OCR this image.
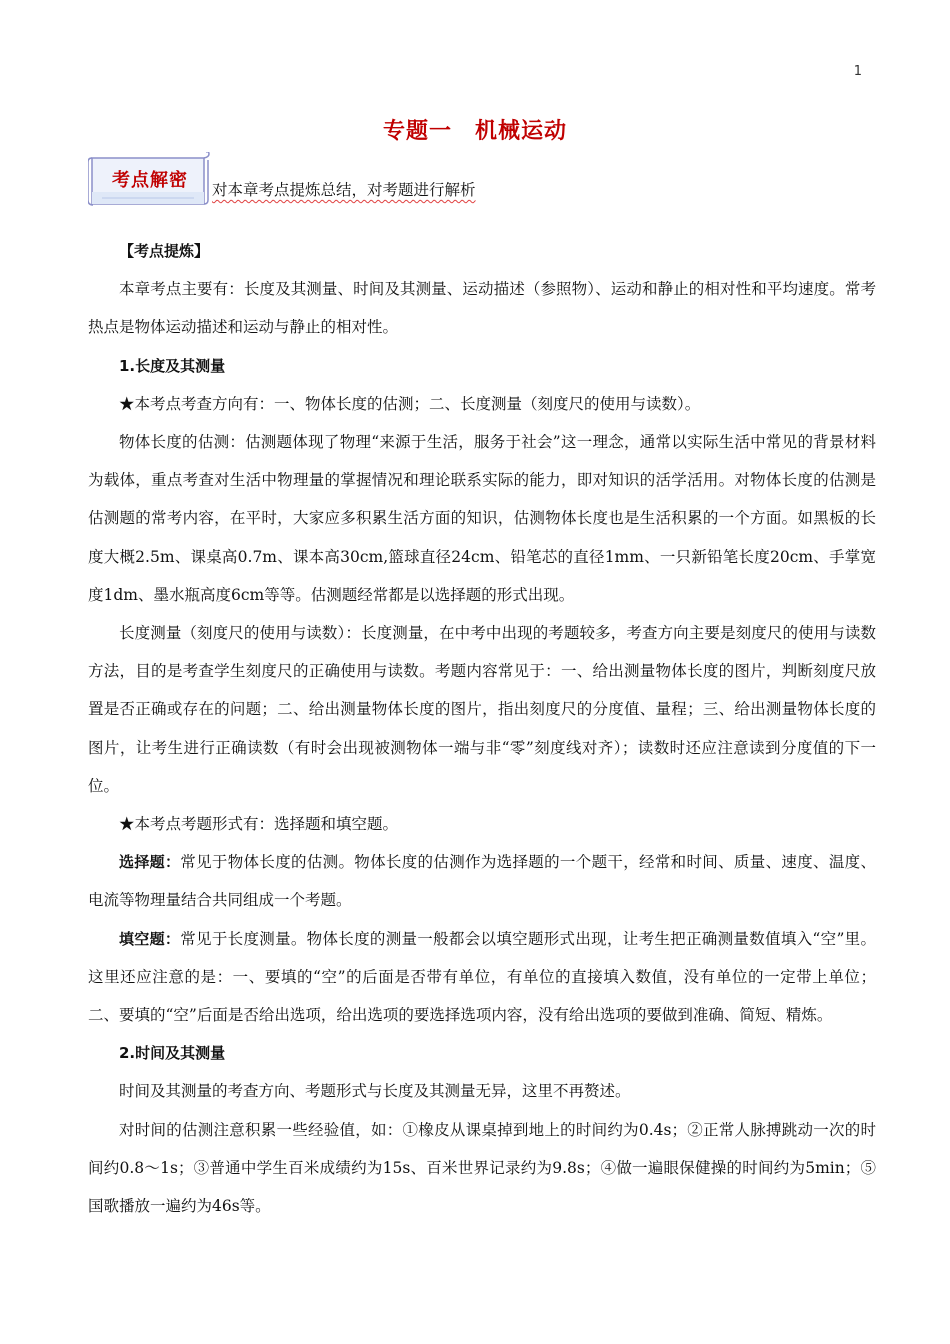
1
专题一　机械运动
考点解密	对本章考点提炼总结，对考题进行解析

【考点提炼】

本章考点主要有：长度及其测量、时间及其测量、运动描述（参照物）、运动和静止的相对性和平均速度。常考热点是物体运动描述和运动与静止的相对性。

1.长度及其测量

★本考点考查方向有：一、物体长度的估测；二、长度测量（刻度尺的使用与读数）。

物体长度的估测：估测题体现了物理“来源于生活，服务于社会”这一理念，通常以实际生活中常见的背景材料为载体，重点考查对生活中物理量的掌握情况和理论联系实际的能力，即对知识的活学活用。对物体长度的估测是估测题的常考内容，在平时，大家应多积累生活方面的知识，估测物体长度也是生活积累的一个方面。如黑板的长度大概2.5m、课桌高0.7m、课本高30cm,篮球直径24cm、铅笔芯的直径1mm、一只新铅笔长度20cm、手掌宽度1dm、墨水瓶高度6cm等等。估测题经常都是以选择题的形式出现。

长度测量（刻度尺的使用与读数）：长度测量，在中考中出现的考题较多，考查方向主要是刻度尺的使用与读数方法，目的是考查学生刻度尺的正确使用与读数。考题内容常见于：一、给出测量物体长度的图片，判断刻度尺放置是否正确或存在的问题；二、给出测量物体长度的图片，指出刻度尺的分度值、量程；三、给出测量物体长度的图片，让考生进行正确读数（有时会出现被测物体一端与非“零”刻度线对齐）；读数时还应注意读到分度值的下一位。

★本考点考题形式有：选择题和填空题。

选择题：常见于物体长度的估测。物体长度的估测作为选择题的一个题干，经常和时间、质量、速度、温度、电流等物理量结合共同组成一个考题。

填空题：常见于长度测量。物体长度的测量一般都会以填空题形式出现，让考生把正确测量数值填入“空”里。这里还应注意的是：一、要填的“空”的后面是否带有单位，有单位的直接填入数值，没有单位的一定带上单位；二、要填的“空”后面是否给出选项，给出选项的要选择选项内容，没有给出选项的要做到准确、简短、精炼。

2.时间及其测量

时间及其测量的考查方向、考题形式与长度及其测量无异，这里不再赘述。

对时间的估测注意积累一些经验值，如：①橡皮从课桌掉到地上的时间约为0.4s；②正常人脉搏跳动一次的时间约0.8～1s；③普通中学生百米成绩约为15s、百米世界记录约为9.8s；④做一遍眼保健操的时间约为5min；⑤国歌播放一遍约为46s等。
